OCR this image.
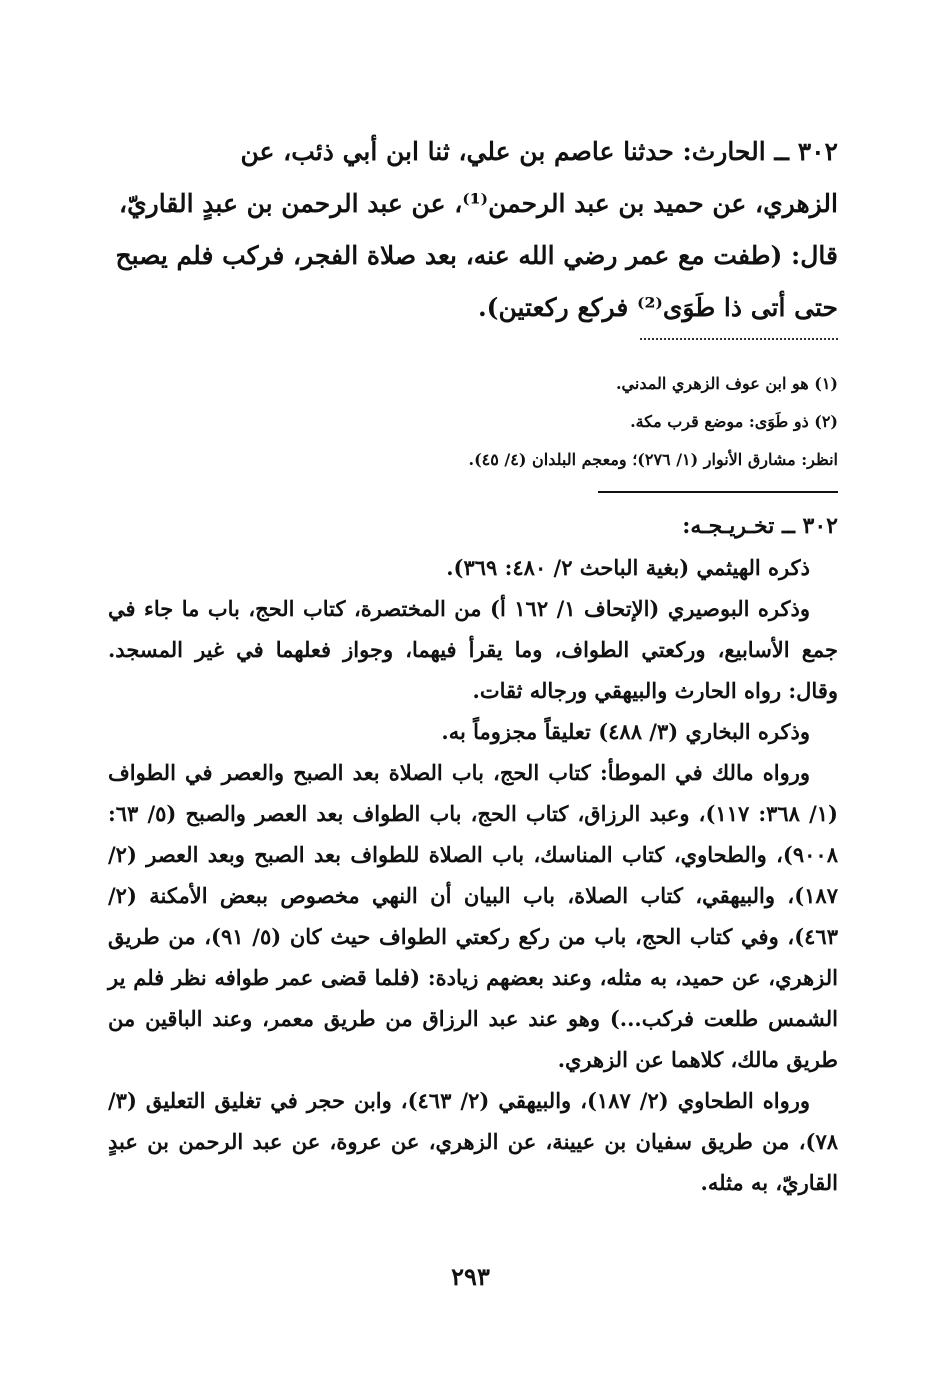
٣٠٢ ــ الحارث: حدثنا عاصم بن علي، ثنا ابن أبي ذئب، عن

الزهري، عن حميد بن عبد الرحمن⁽¹⁾، عن عبد الرحمن بن عبدٍ القاريّ،

قال: (طفت مع عمر رضي الله عنه، بعد صلاة الفجر، فركب فلم يصبح

حتى أتى ذا طَوَى⁽²⁾ فركع ركعتين).

(١) هو ابن عوف الزهري المدني.
(٢) ذو طَوَى: موضع قرب مكة.
انظر: مشارق الأنوار (١/ ٢٧٦)؛ ومعجم البلدان (٤/ ٤٥).

٣٠٢ ــ تخـريـجـه:

ذكره الهيثمي (بغية الباحث ٢/ ٤٨٠: ٣٦٩).

وذكره البوصيري (الإتحاف ١/ ١٦٢ أ) من المختصرة، كتاب الحج، باب ما جاء في جمع الأسابيع، وركعتي الطواف، وما يقرأ فيهما، وجواز فعلهما في غير المسجد. وقال: رواه الحارث والبيهقي ورجاله ثقات.

وذكره البخاري (٣/ ٤٨٨) تعليقاً مجزوماً به.

ورواه مالك في الموطأ: كتاب الحج، باب الصلاة بعد الصبح والعصر في الطواف (١/ ٣٦٨: ١١٧)، وعبد الرزاق، كتاب الحج، باب الطواف بعد العصر والصبح (٥/ ٦٣: ٩٠٠٨)، والطحاوي، كتاب المناسك، باب الصلاة للطواف بعد الصبح وبعد العصر (٢/ ١٨٧)، والبيهقي، كتاب الصلاة، باب البيان أن النهي مخصوص ببعض الأمكنة (٢/ ٤٦٣)، وفي كتاب الحج، باب من ركع ركعتي الطواف حيث كان (٥/ ٩١)، من طريق الزهري، عن حميد، به مثله، وعند بعضهم زيادة: (فلما قضى عمر طوافه نظر فلم ير الشمس طلعت فركب...) وهو عند عبد الرزاق من طريق معمر، وعند الباقين من طريق مالك، كلاهما عن الزهري.

ورواه الطحاوي (٢/ ١٨٧)، والبيهقي (٢/ ٤٦٣)، وابن حجر في تغليق التعليق (٣/ ٧٨)، من طريق سفيان بن عيينة، عن الزهري، عن عروة، عن عبد الرحمن بن عبدٍ القاريّ، به مثله.

٢٩٣
